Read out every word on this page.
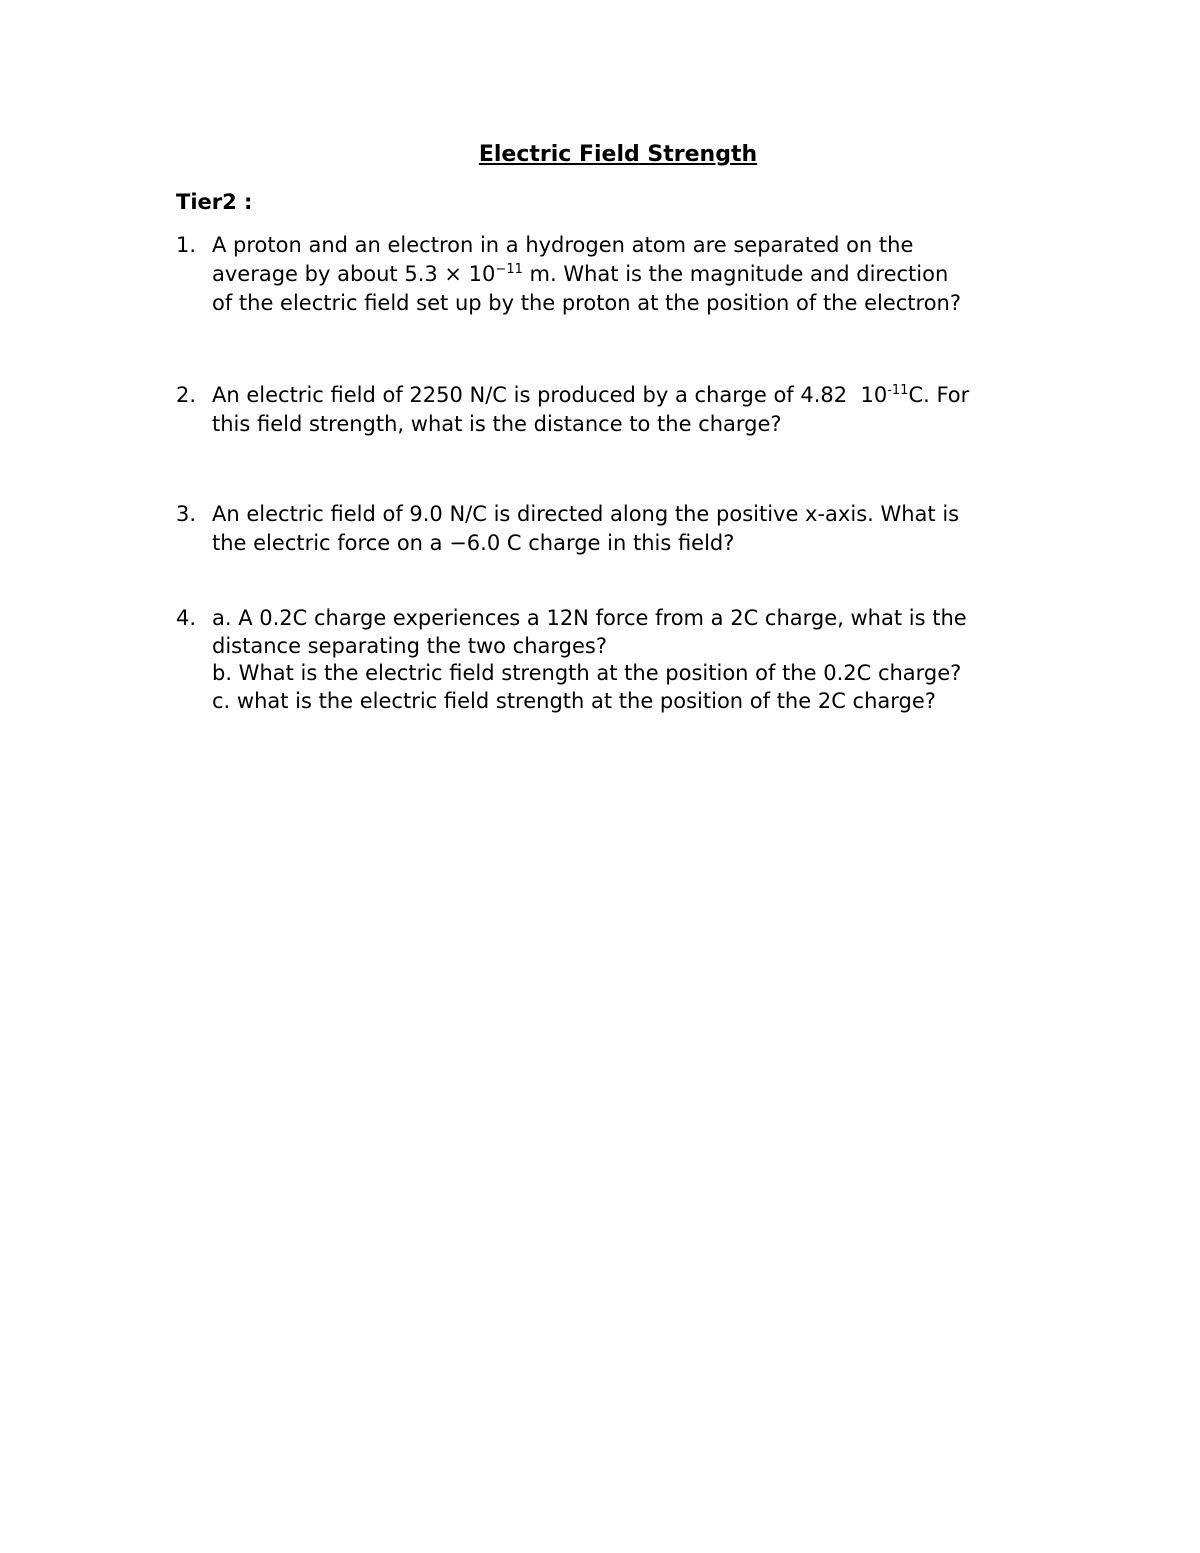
Electric Field Strength
Tier2 :
1. A proton and an electron in a hydrogen atom are separated on the
average by about $5.3 \times 10^{-11}$ m. What is the magnitude and direction
of the electric field set up by the proton at the position of the electron?
2. An electric field of 2250 N/C is produced by a charge of 4.82  $10^{-11}C$. For
this field strength, what is the distance to the charge?
3. An electric field of 9.0 N/C is directed along the positive x-axis. What is
the electric force on a −6.0 C charge in this field?
4. a. A 0.2C charge experiences a 12N force from a 2C charge, what is the
distance separating the two charges?
b. What is the electric field strength at the position of the 0.2C charge?
c. what is the electric field strength at the position of the 2C charge?
